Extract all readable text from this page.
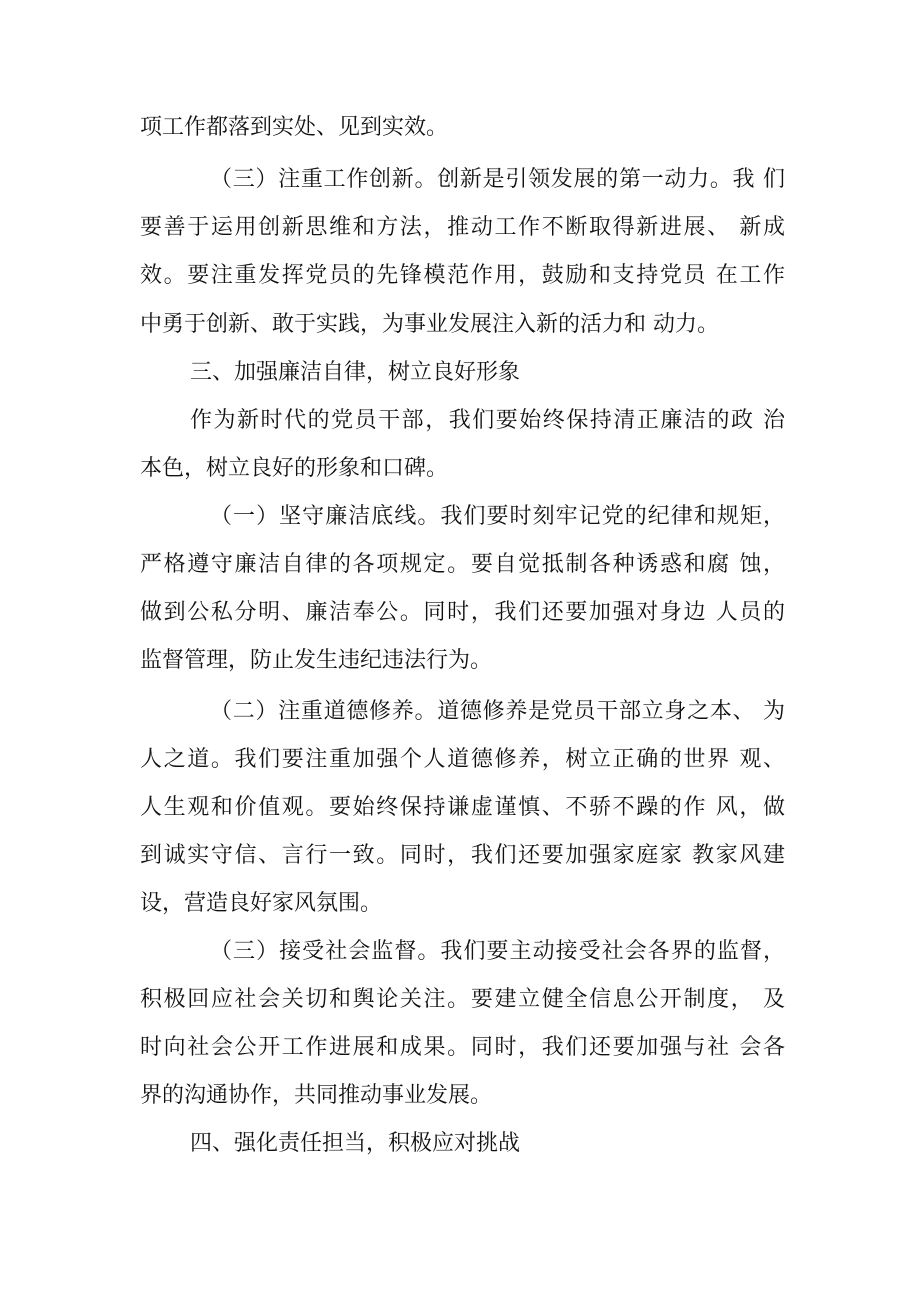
项工作都落到实处、见到实效。
（三）注重工作创新。创新是引领发展的第一动力。我 们
要善于运用创新思维和方法，推动工作不断取得新进展、 新成
效。要注重发挥党员的先锋模范作用，鼓励和支持党员 在工作
中勇于创新、敢于实践，为事业发展注入新的活力和 动力。
三、加强廉洁自律，树立良好形象
作为新时代的党员干部，我们要始终保持清正廉洁的政 治
本色，树立良好的形象和口碑。
（一）坚守廉洁底线。我们要时刻牢记党的纪律和规矩，
严格遵守廉洁自律的各项规定。要自觉抵制各种诱惑和腐 蚀，
做到公私分明、廉洁奉公。同时，我们还要加强对身边 人员的
监督管理，防止发生违纪违法行为。
（二）注重道德修养。道德修养是党员干部立身之本、 为
人之道。我们要注重加强个人道德修养，树立正确的世界 观、
人生观和价值观。要始终保持谦虚谨慎、不骄不躁的作 风，做
到诚实守信、言行一致。同时，我们还要加强家庭家 教家风建
设，营造良好家风氛围。
（三）接受社会监督。我们要主动接受社会各界的监督，
积极回应社会关切和舆论关注。要建立健全信息公开制度， 及
时向社会公开工作进展和成果。同时，我们还要加强与社 会各
界的沟通协作，共同推动事业发展。
四、强化责任担当，积极应对挑战
